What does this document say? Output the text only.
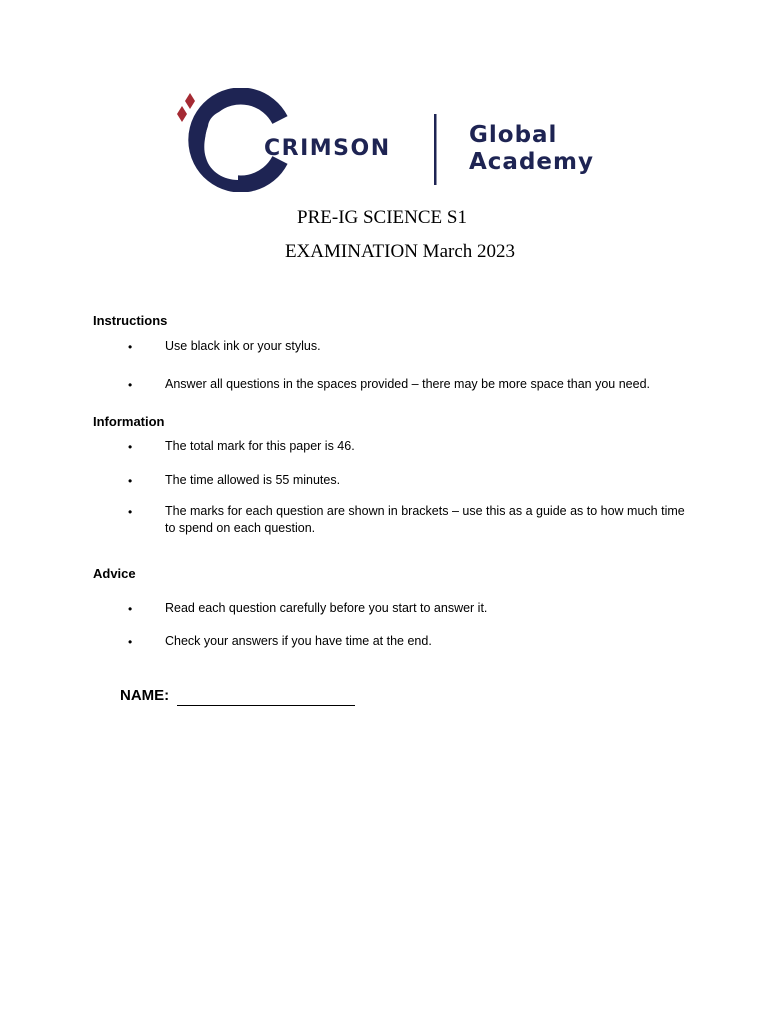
CRIMSON
Global
Academy
PRE-IG SCIENCE S1
EXAMINATION March 2023
Instructions
•	Use black ink or your stylus.
•	Answer all questions in the spaces provided – there may be more space than you need.
Information
•	The total mark for this paper is 46.
•	The time allowed is 55 minutes.
•	The marks for each question are shown in brackets – use this as a guide as to how much time to spend on each question.
Advice
•	Read each question carefully before you start to answer it.
•	Check your answers if you have time at the end.
NAME:
